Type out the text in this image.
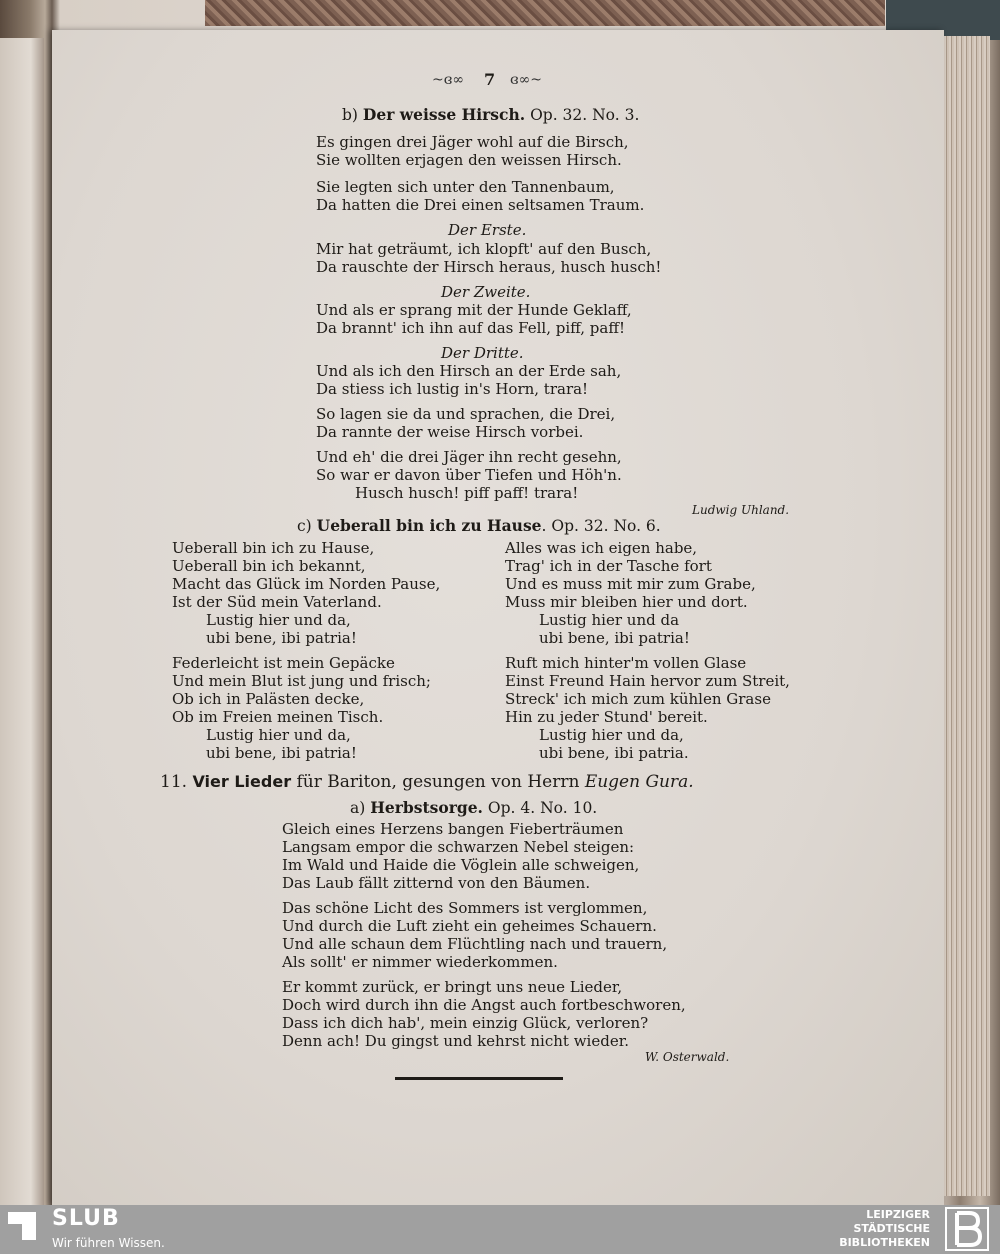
~ɞ∞ 7 ɞ∞~
b) Der weisse Hirsch. Op. 32. No. 3.
Es gingen drei Jäger wohl auf die Birsch,
Sie wollten erjagen den weissen Hirsch.
Sie legten sich unter den Tannenbaum,
Da hatten die Drei einen seltsamen Traum.
Der Erste.
Mir hat geträumt, ich klopft' auf den Busch,
Da rauschte der Hirsch heraus, husch husch!
Der Zweite.
Und als er sprang mit der Hunde Geklaff,
Da brannt' ich ihn auf das Fell, piff, paff!
Der Dritte.
Und als ich den Hirsch an der Erde sah,
Da stiess ich lustig in's Horn, trara!
So lagen sie da und sprachen, die Drei,
Da rannte der weise Hirsch vorbei.
Und eh' die drei Jäger ihn recht gesehn,
So war er davon über Tiefen und Höh'n.
Husch husch! piff paff! trara!
Ludwig Uhland.
c) Ueberall bin ich zu Hause. Op. 32. No. 6.
Ueberall bin ich zu Hause,
Ueberall bin ich bekannt,
Macht das Glück im Norden Pause,
Ist der Süd mein Vaterland.
Lustig hier und da,
ubi bene, ibi patria!
Federleicht ist mein Gepäcke
Und mein Blut ist jung und frisch;
Ob ich in Palästen decke,
Ob im Freien meinen Tisch.
Lustig hier und da,
ubi bene, ibi patria!
Alles was ich eigen habe,
Trag' ich in der Tasche fort
Und es muss mit mir zum Grabe,
Muss mir bleiben hier und dort.
Lustig hier und da
ubi bene, ibi patria!
Ruft mich hinter'm vollen Glase
Einst Freund Hain hervor zum Streit,
Streck' ich mich zum kühlen Grase
Hin zu jeder Stund' bereit.
Lustig hier und da,
ubi bene, ibi patria.
11. Vier Lieder für Bariton, gesungen von Herrn Eugen Gura.
a) Herbstsorge. Op. 4. No. 10.
Gleich eines Herzens bangen Fieberträumen
Langsam empor die schwarzen Nebel steigen:
Im Wald und Haide die Vöglein alle schweigen,
Das Laub fällt zitternd von den Bäumen.
Das schöne Licht des Sommers ist verglommen,
Und durch die Luft zieht ein geheimes Schauern.
Und alle schaun dem Flüchtling nach und trauern,
Als sollt' er nimmer wiederkommen.
Er kommt zurück, er bringt uns neue Lieder,
Doch wird durch ihn die Angst auch fortbeschworen,
Dass ich dich hab', mein einzig Glück, verloren?
Denn ach! Du gingst und kehrst nicht wieder.
W. Osterwald.
SLUB
Wir führen Wissen.
LEIPZIGER
STÄDTISCHE
BIBLIOTHEKEN
